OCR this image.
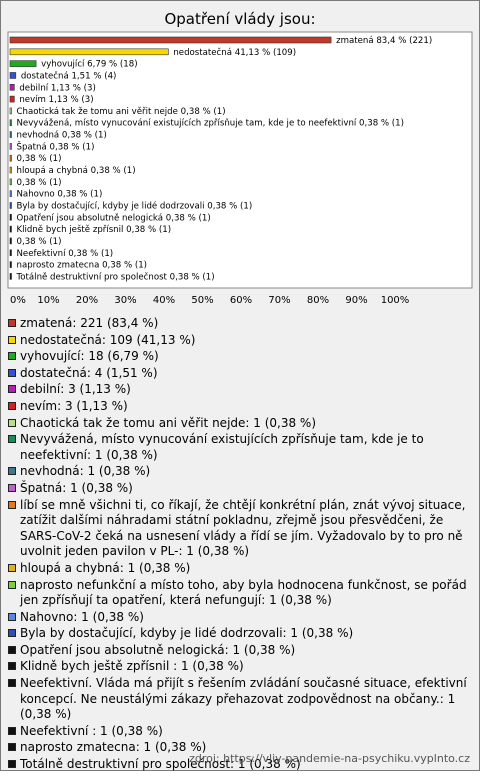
Opatření vlády jsou:
zmatená 83,4 % (221)
nedostatečná 41,13 % (109)
vyhovující 6,79 % (18)
dostatečná 1,51 % (4)
debilní 1,13 % (3)
nevím 1,13 % (3)
Chaotická tak že tomu ani věřit nejde 0,38 % (1)
Nevyvážená, místo vynucování existujících zpřísňuje tam, kde je to neefektivní 0,38 % (1)
nevhodná 0,38 % (1)
Špatná 0,38 % (1)
0,38 % (1)
hloupá a chybná 0,38 % (1)
0,38 % (1)
Nahovno 0,38 % (1)
Byla by dostačující, kdyby je lidé dodrzovali 0,38 % (1)
Opatření jsou absolutně nelogická 0,38 % (1)
Klidně bych ještě zpřísnil 0,38 % (1)
0,38 % (1)
Neefektivní 0,38 % (1)
naprosto zmatecna 0,38 % (1)
Totálně destruktivní pro společnost 0,38 % (1)
0% 10% 20% 30% 40% 50% 60% 70% 80% 90% 100%
zmatená: 221 (83,4 %)
nedostatečná: 109 (41,13 %)
vyhovující: 18 (6,79 %)
dostatečná: 4 (1,51 %)
debilní: 3 (1,13 %)
nevím: 3 (1,13 %)
Chaotická tak že tomu ani věřit nejde: 1 (0,38 %)
Nevyvážená, místo vynucování existujících zpřísňuje tam, kde je to neefektivní: 1 (0,38 %)
nevhodná: 1 (0,38 %)
Špatná: 1 (0,38 %)
líbí se mně všichni ti, co říkají, že chtějí konkrétní plán, znát vývoj situace, zatížit dalšími náhradami státní pokladnu, zřejmě jsou přesvědčeni, že SARS-CoV-2 čeká na usnesení vlády a řídí se jím. Vyžadovalo by to pro ně uvolnit jeden pavilon v PL-: 1 (0,38 %)
hloupá a chybná: 1 (0,38 %)
naprosto nefunkční a místo toho, aby byla hodnocena funkčnost, se pořád jen zpřísňují ta opatření, která nefungují: 1 (0,38 %)
Nahovno: 1 (0,38 %)
Byla by dostačující, kdyby je lidé dodrzovali: 1 (0,38 %)
Opatření jsou absolutně nelogická: 1 (0,38 %)
Klidně bych ještě zpřísnil : 1 (0,38 %)
Neefektivní. Vláda má přijít s řešením zvládání současné situace, efektivní koncepcí. Ne neustálými zákazy přehazovat zodpovědnost na občany.: 1 (0,38 %)
Neefektivní : 1 (0,38 %)
naprosto zmatecna: 1 (0,38 %)
Totálně destruktivní pro společnost: 1 (0,38 %)
zdroj: https://vliv-pandemie-na-psychiku.vyplnto.cz
